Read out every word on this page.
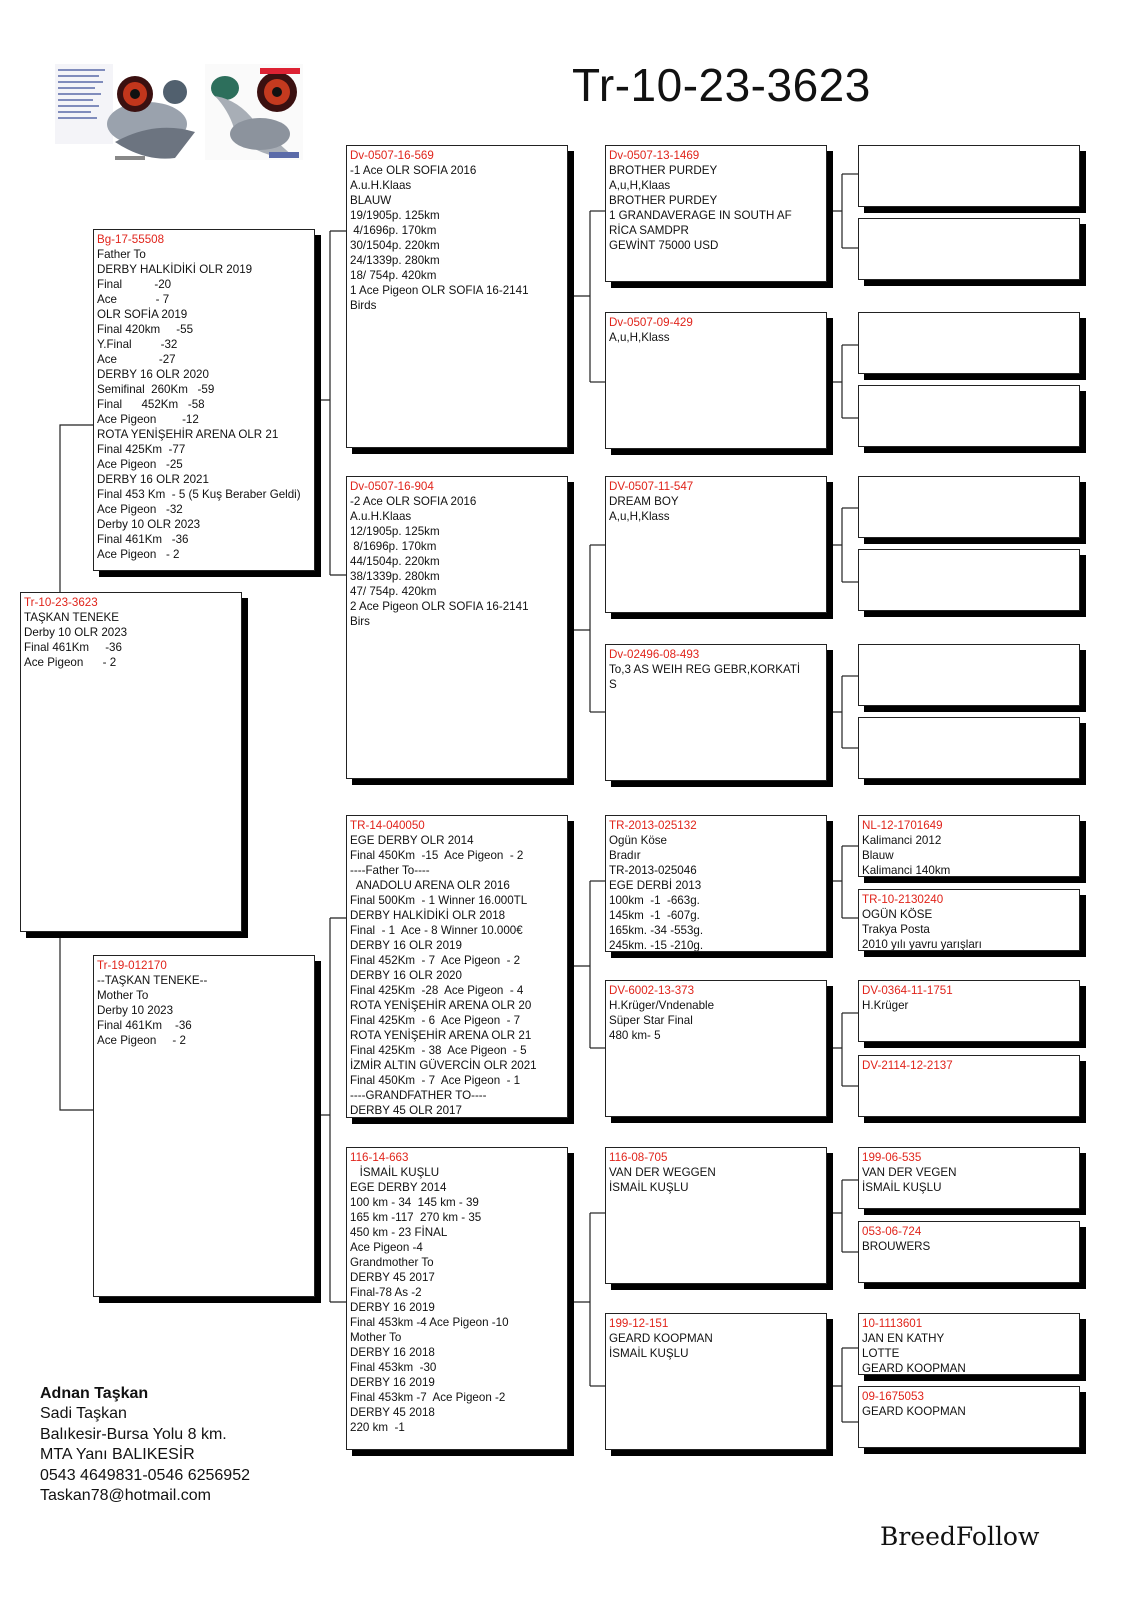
Tr-10-23-3623
Tr-10-23-3623
TAŞKAN TENEKE
Derby 10 OLR 2023
Final 461Km     -36
Ace Pigeon      - 2
Bg-17-55508
Father To
DERBY HALKİDİKİ OLR 2019
Final          -20
Ace            - 7
OLR SOFİA 2019
Final 420km     -55
Y.Final         -32
Ace             -27
DERBY 16 OLR 2020
Semifinal  260Km   -59
Final      452Km   -58
Ace Pigeon        -12
ROTA YENİŞEHİR ARENA OLR 21
Final 425Km  -77
Ace Pigeon   -25
DERBY 16 OLR 2021
Final 453 Km  - 5 (5 Kuş Beraber Geldi)
Ace Pigeon   -32
Derby 10 OLR 2023
Final 461Km   -36
Ace Pigeon   - 2
Tr-19-012170
--TAŞKAN TENEKE--
Mother To
Derby 10 2023
Final 461Km    -36
Ace Pigeon     - 2
Dv-0507-16-569
-1 Ace OLR SOFIA 2016
A.u.H.Klaas
BLAUW
19/1905p. 125km
4/1696p. 170km
30/1504p. 220km
24/1339p. 280km
18/ 754p. 420km
1 Ace Pigeon OLR SOFIA 16-2141
Birds
Dv-0507-16-904
-2 Ace OLR SOFIA 2016
A.u.H.Klaas
12/1905p. 125km
8/1696p. 170km
44/1504p. 220km
38/1339p. 280km
47/ 754p. 420km
2 Ace Pigeon OLR SOFIA 16-2141
Birs
TR-14-040050
EGE DERBY OLR 2014
Final 450Km  -15  Ace Pigeon  - 2
----Father To----
ANADOLU ARENA OLR 2016
Final 500Km  - 1 Winner 16.000TL
DERBY HALKİDİKİ OLR 2018
Final  - 1  Ace - 8 Winner 10.000€
DERBY 16 OLR 2019
Final 452Km  - 7  Ace Pigeon  - 2
DERBY 16 OLR 2020
Final 425Km  -28  Ace Pigeon  - 4
ROTA YENİŞEHİR ARENA OLR 20
Final 425Km  - 6  Ace Pigeon  - 7
ROTA YENİŞEHİR ARENA OLR 21
Final 425Km  - 38  Ace Pigeon  - 5
İZMİR ALTIN GÜVERCİN OLR 2021
Final 450Km  - 7  Ace Pigeon  - 1
----GRANDFATHER TO----
DERBY 45 OLR 2017
116-14-663
İSMAİL KUŞLU
EGE DERBY 2014
100 km - 34  145 km - 39
165 km -117  270 km - 35
450 km - 23 FİNAL
Ace Pigeon -4
Grandmother To
DERBY 45 2017
Final-78 As -2
DERBY 16 2019
Final 453km -4 Ace Pigeon -10
Mother To
DERBY 16 2018
Final 453km  -30
DERBY 16 2019
Final 453km -7  Ace Pigeon -2
DERBY 45 2018
220 km  -1
Dv-0507-13-1469
BROTHER PURDEY
A,u,H,Klaas
BROTHER PURDEY
1 GRANDAVERAGE IN SOUTH AF
RİCA SAMDPR
GEWİNT 75000 USD
Dv-0507-09-429
A,u,H,Klass
DV-0507-11-547
DREAM BOY
A,u,H,Klass
Dv-02496-08-493
To,3 AS WEIH REG GEBR,KORKATİ
S
TR-2013-025132
Ogün Köse
Bradır
TR-2013-025046
EGE DERBİ 2013
100km  -1  -663g.
145km  -1  -607g.
165km. -34 -553g.
245km. -15 -210g.
DV-6002-13-373
H.Krüger/Vndenable
Süper Star Final
480 km- 5
116-08-705
VAN DER WEGGEN
İSMAİL KUŞLU
199-12-151
GEARD KOOPMAN
İSMAİL KUŞLU
NL-12-1701649
Kalimanci 2012
Blauw
Kalimanci 140km
TR-10-2130240
OGÜN KÖSE
Trakya Posta
2010 yılı yavru yarışları
DV-0364-11-1751
H.Krüger
DV-2114-12-2137
199-06-535
VAN DER VEGEN
İSMAİL KUŞLU
053-06-724
BROUWERS
10-1113601
JAN EN KATHY
LOTTE
GEARD KOOPMAN
09-1675053
GEARD KOOPMAN
Adnan Taşkan
Sadi Taşkan
Balıkesir-Bursa Yolu 8 km.
MTA Yanı BALIKESİR
0543 4649831-0546 6256952
Taskan78@hotmail.com
BreedFollow
